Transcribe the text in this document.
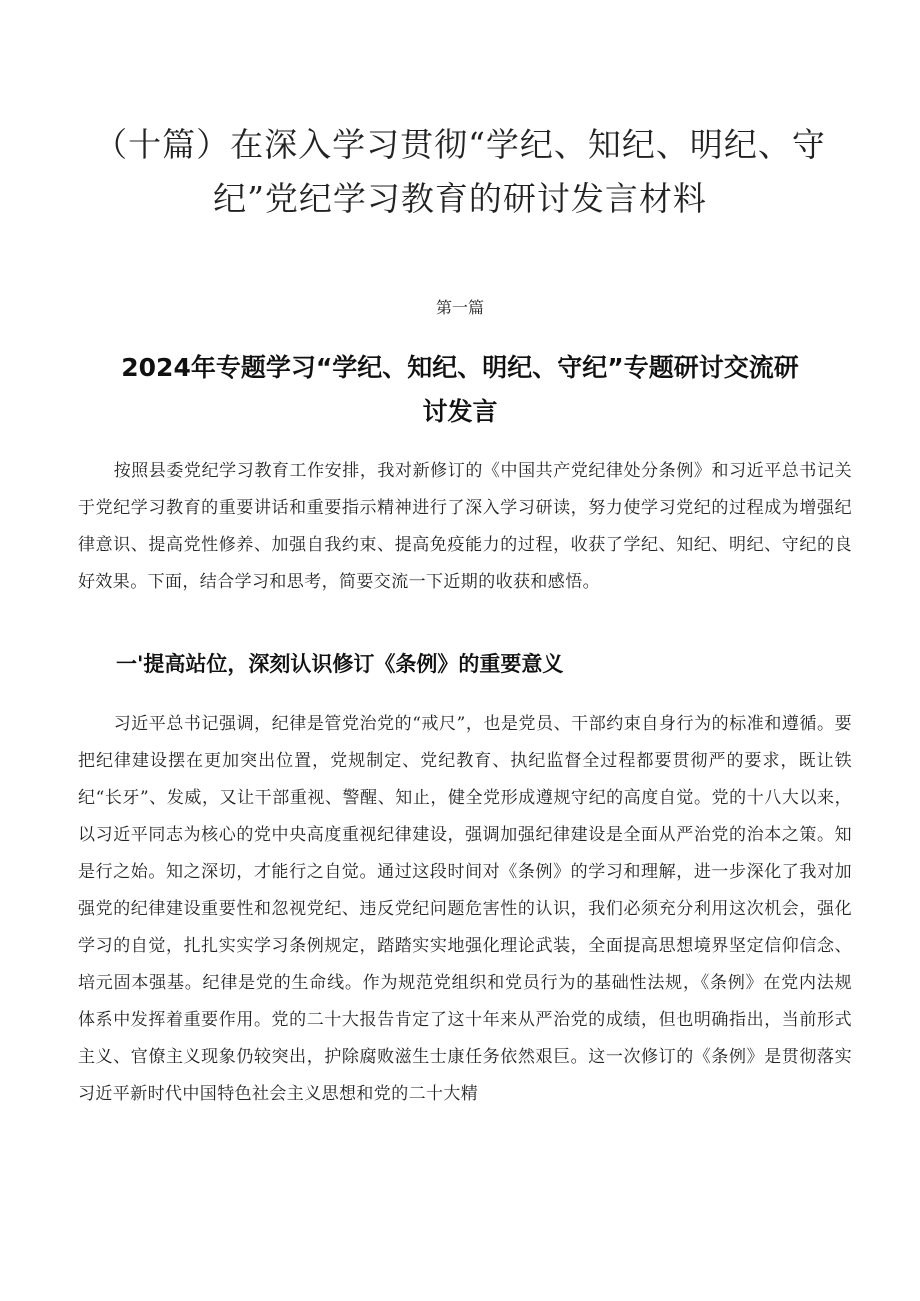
（十篇）在深入学习贯彻“学纪、知纪、明纪、守纪”党纪学习教育的研讨发言材料
第一篇
2024年专题学习“学纪、知纪、明纪、守纪”专题研讨交流研讨发言

按照县委党纪学习教育工作安排，我对新修订的《中国共产党纪律处分条例》和习近平总书记关于党纪学习教育的重要讲话和重要指示精神进行了深入学习研读，努力使学习党纪的过程成为增强纪律意识、提高党性修养、加强自我约束、提高免疫能力的过程，收获了学纪、知纪、明纪、守纪的良好效果。下面，结合学习和思考，简要交流一下近期的收获和感悟。

一'提高站位，深刻认识修订《条例》的重要意义

习近平总书记强调，纪律是管党治党的“戒尺”，也是党员、干部约束自身行为的标准和遵循。要把纪律建设摆在更加突出位置，党规制定、党纪教育、执纪监督全过程都要贯彻严的要求，既让铁纪“长牙”、发威，又让干部重视、警醒、知止，健全党形成遵规守纪的高度自觉。党的十八大以来，以习近平同志为核心的党中央高度重视纪律建设，强调加强纪律建设是全面从严治党的治本之策。知是行之始。知之深切，才能行之自觉。通过这段时间对《条例》的学习和理解，进一步深化了我对加强党的纪律建设重要性和忽视党纪、违反党纪问题危害性的认识，我们必须充分利用这次机会，强化学习的自觉，扎扎实实学习条例规定，踏踏实实地强化理论武装，全面提高思想境界坚定信仰信念、培元固本强基。纪律是党的生命线。作为规范党组织和党员行为的基础性法规，《条例》在党内法规体系中发挥着重要作用。党的二十大报告肯定了这十年来从严治党的成绩，但也明确指出，当前形式主义、官僚主义现象仍较突出，护除腐败滋生士康任务依然艰巨。这一次修订的《条例》是贯彻落实习近平新时代中国特色社会主义思想和党的二十大精
